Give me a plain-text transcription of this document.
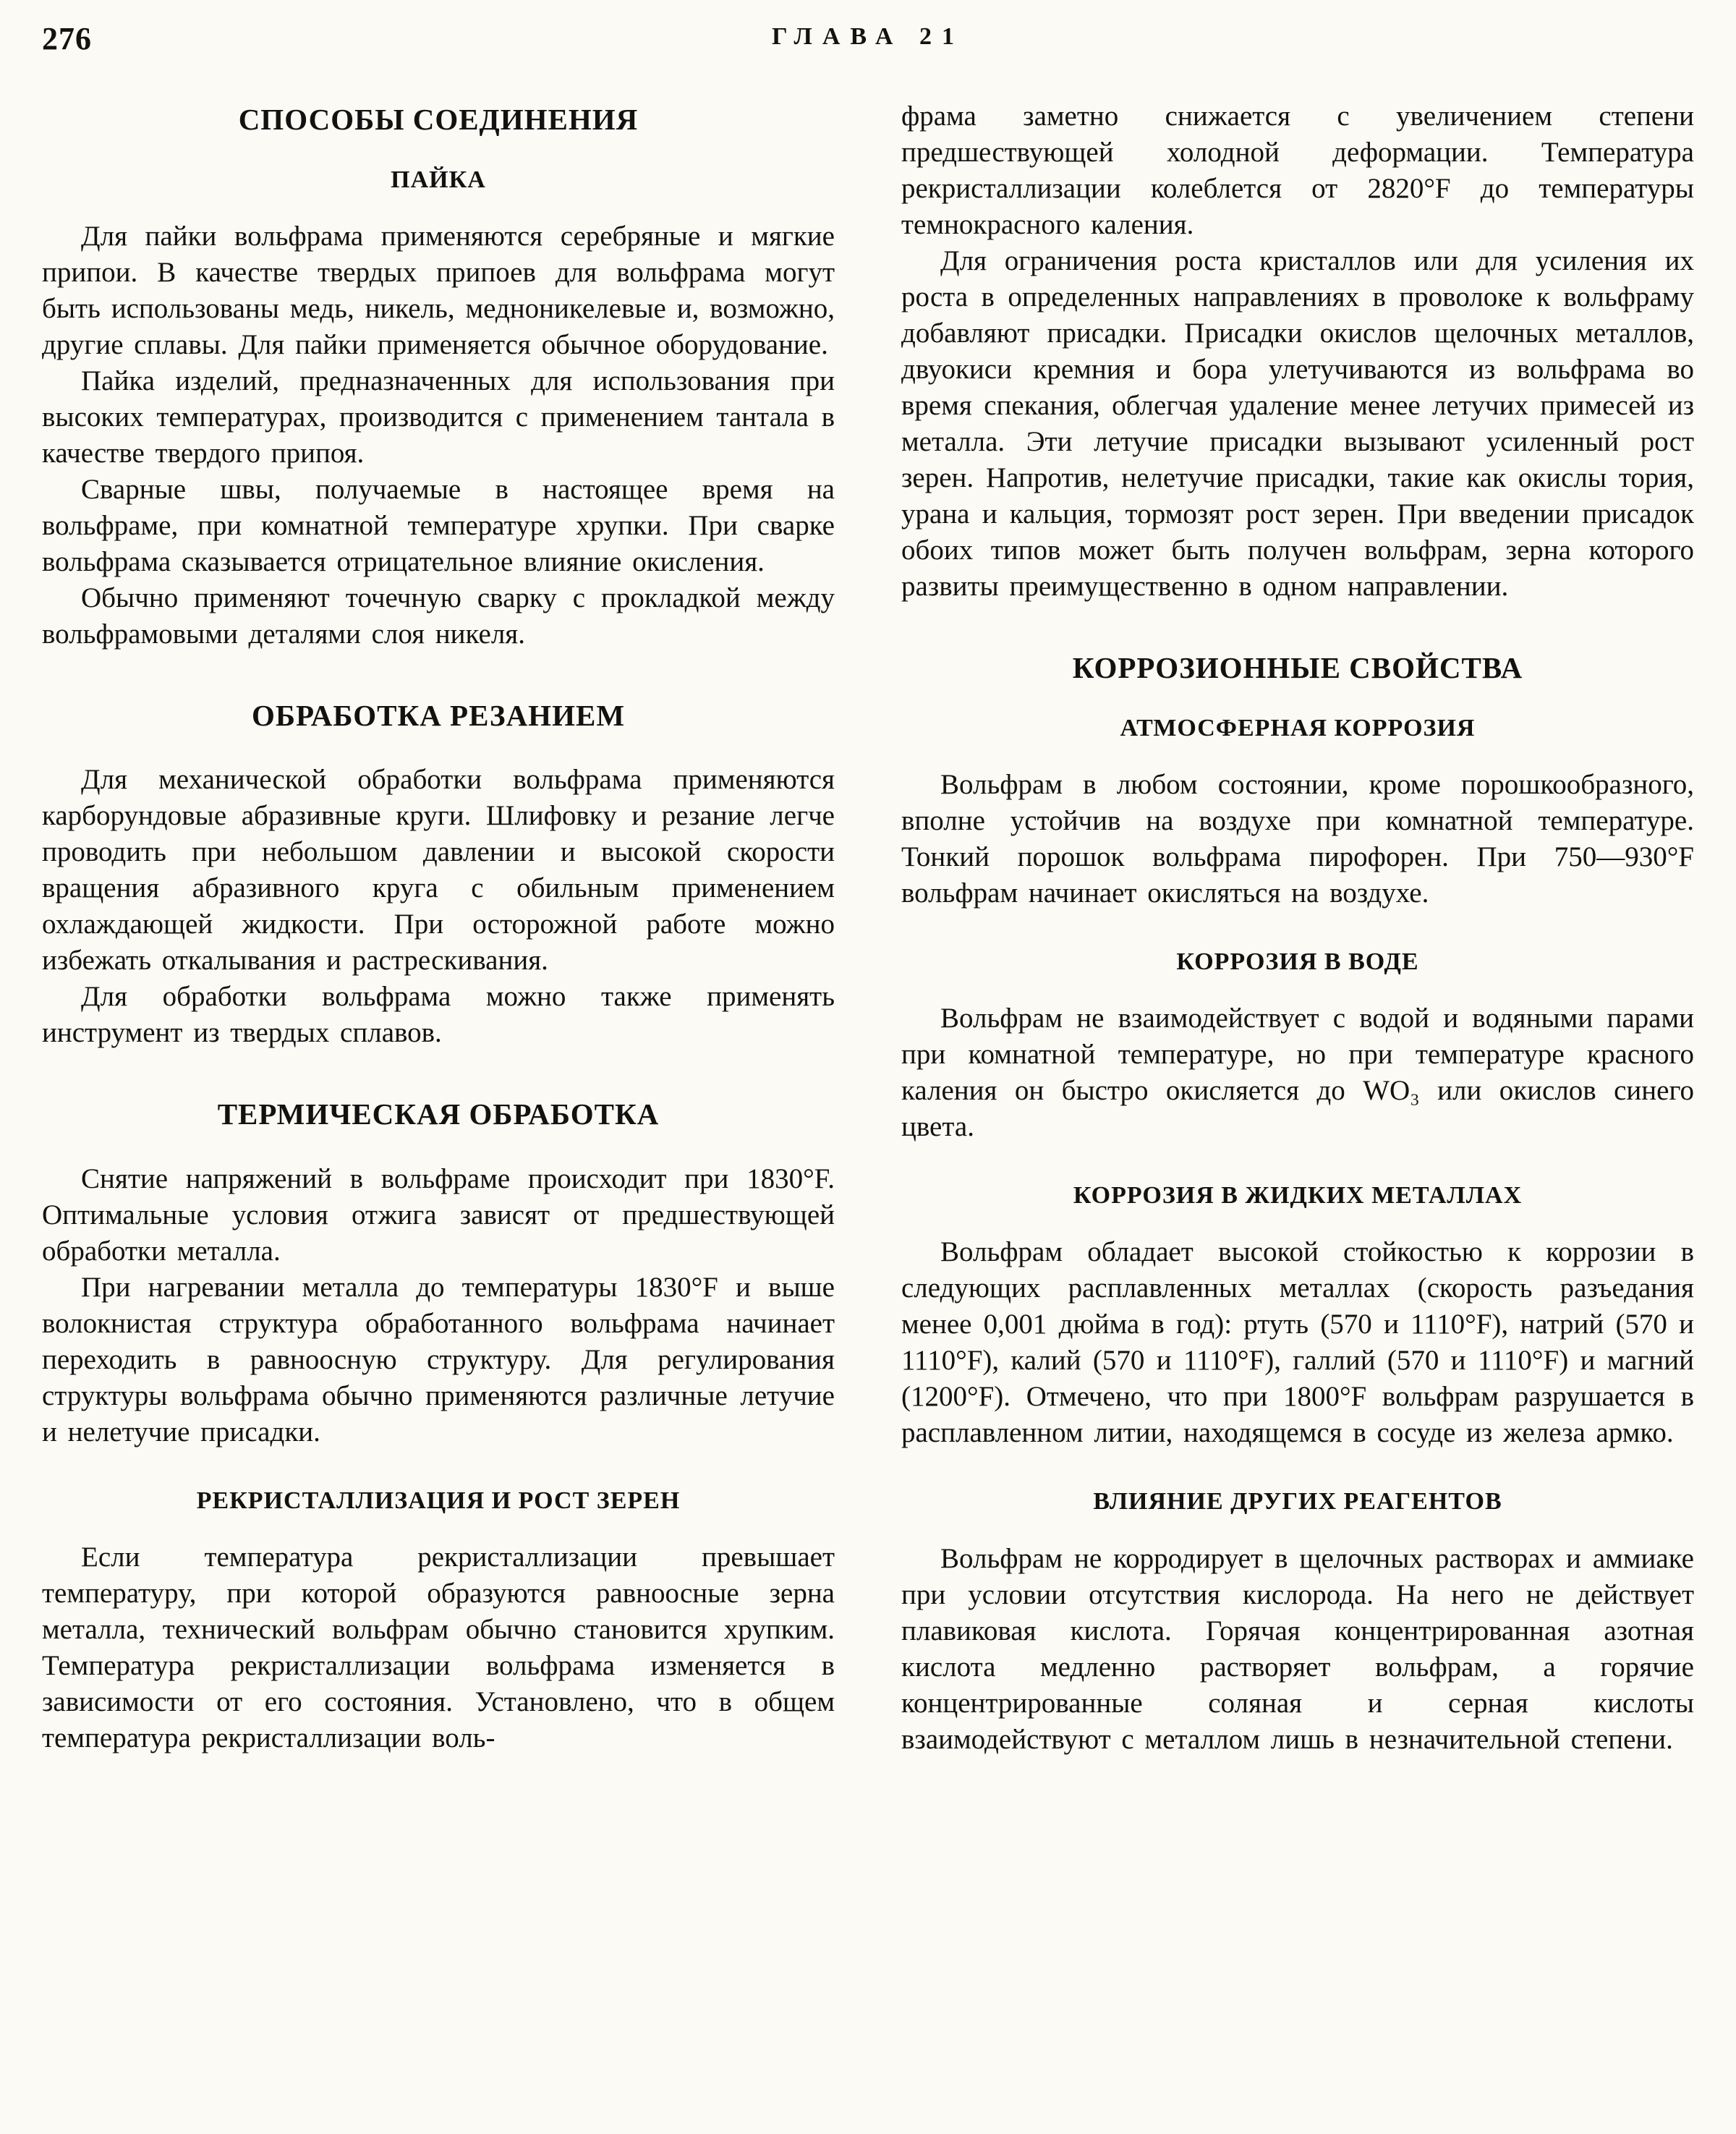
276	ГЛАВА 21
СПОСОБЫ СОЕДИНЕНИЯ
ПАЙКА

Для пайки вольфрама применяются серебряные и мягкие припои. В качестве твердых припоев для вольфрама могут быть использованы медь, никель, медноникелевые и, возможно, другие сплавы. Для пайки применяется обычное оборудование.

Пайка изделий, предназначенных для использования при высоких температурах, производится с применением тантала в качестве твердого припоя.

Сварные швы, получаемые в настоящее время на вольфраме, при комнатной температуре хрупки. При сварке вольфрама сказывается отрицательное влияние окисления.

Обычно применяют точечную сварку с прокладкой между вольфрамовыми деталями слоя никеля.

ОБРАБОТКА РЕЗАНИЕМ

Для механической обработки вольфрама применяются карборундовые абразивные круги. Шлифовку и резание легче проводить при небольшом давлении и высокой скорости вращения абразивного круга с обильным применением охлаждающей жидкости. При осторожной работе можно избежать откалывания и растрескивания.

Для обработки вольфрама можно также применять инструмент из твердых сплавов.

ТЕРМИЧЕСКАЯ ОБРАБОТКА

Снятие напряжений в вольфраме происходит при 1830°F. Оптимальные условия отжига зависят от предшествующей обработки металла.

При нагревании металла до температуры 1830°F и выше волокнистая структура обработанного вольфрама начинает переходить в равноосную структуру. Для регулирования структуры вольфрама обычно применяются различные летучие и нелетучие присадки.

РЕКРИСТАЛЛИЗАЦИЯ И РОСТ ЗЕРЕН

Если температура рекристаллизации превышает температуру, при которой образуются равноосные зерна металла, технический вольфрам обычно становится хрупким. Температура рекристаллизации вольфрама изменяется в зависимости от его состояния. Установлено, что в общем температура рекристаллизации воль-

фрама заметно снижается с увеличением степени предшествующей холодной деформации. Температура рекристаллизации колеблется от 2820°F до температуры темнокрасного каления.

Для ограничения роста кристаллов или для усиления их роста в определенных направлениях в проволоке к вольфраму добавляют присадки. Присадки окислов щелочных металлов, двуокиси кремния и бора улетучиваются из вольфрама во время спекания, облегчая удаление менее летучих примесей из металла. Эти летучие присадки вызывают усиленный рост зерен. Напротив, нелетучие присадки, такие как окислы тория, урана и кальция, тормозят рост зерен. При введении присадок обоих типов может быть получен вольфрам, зерна которого развиты преимущественно в одном направлении.

КОРРОЗИОННЫЕ СВОЙСТВА
АТМОСФЕРНАЯ КОРРОЗИЯ

Вольфрам в любом состоянии, кроме порошкообразного, вполне устойчив на воздухе при комнатной температуре. Тонкий порошок вольфрама пирофорен. При 750—930°F вольфрам начинает окисляться на воздухе.

КОРРОЗИЯ В ВОДЕ

Вольфрам не взаимодействует с водой и водяными парами при комнатной температуре, но при температуре красного каления он быстро окисляется до WO₃ или окислов синего цвета.

КОРРОЗИЯ В ЖИДКИХ МЕТАЛЛАХ

Вольфрам обладает высокой стойкостью к коррозии в следующих расплавленных металлах (скорость разъедания менее 0,001 дюйма в год): ртуть (570 и 1110°F), натрий (570 и 1110°F), калий (570 и 1110°F), галлий (570 и 1110°F) и магний (1200°F). Отмечено, что при 1800°F вольфрам разрушается в расплавленном литии, находящемся в сосуде из железа армко.

ВЛИЯНИЕ ДРУГИХ РЕАГЕНТОВ

Вольфрам не корродирует в щелочных растворах и аммиаке при условии отсутствия кислорода. На него не действует плавиковая кислота. Горячая концентрированная азотная кислота медленно растворяет вольфрам, а горячие концентрированные соляная и серная кислоты взаимодействуют с металлом лишь в незначительной степени.
